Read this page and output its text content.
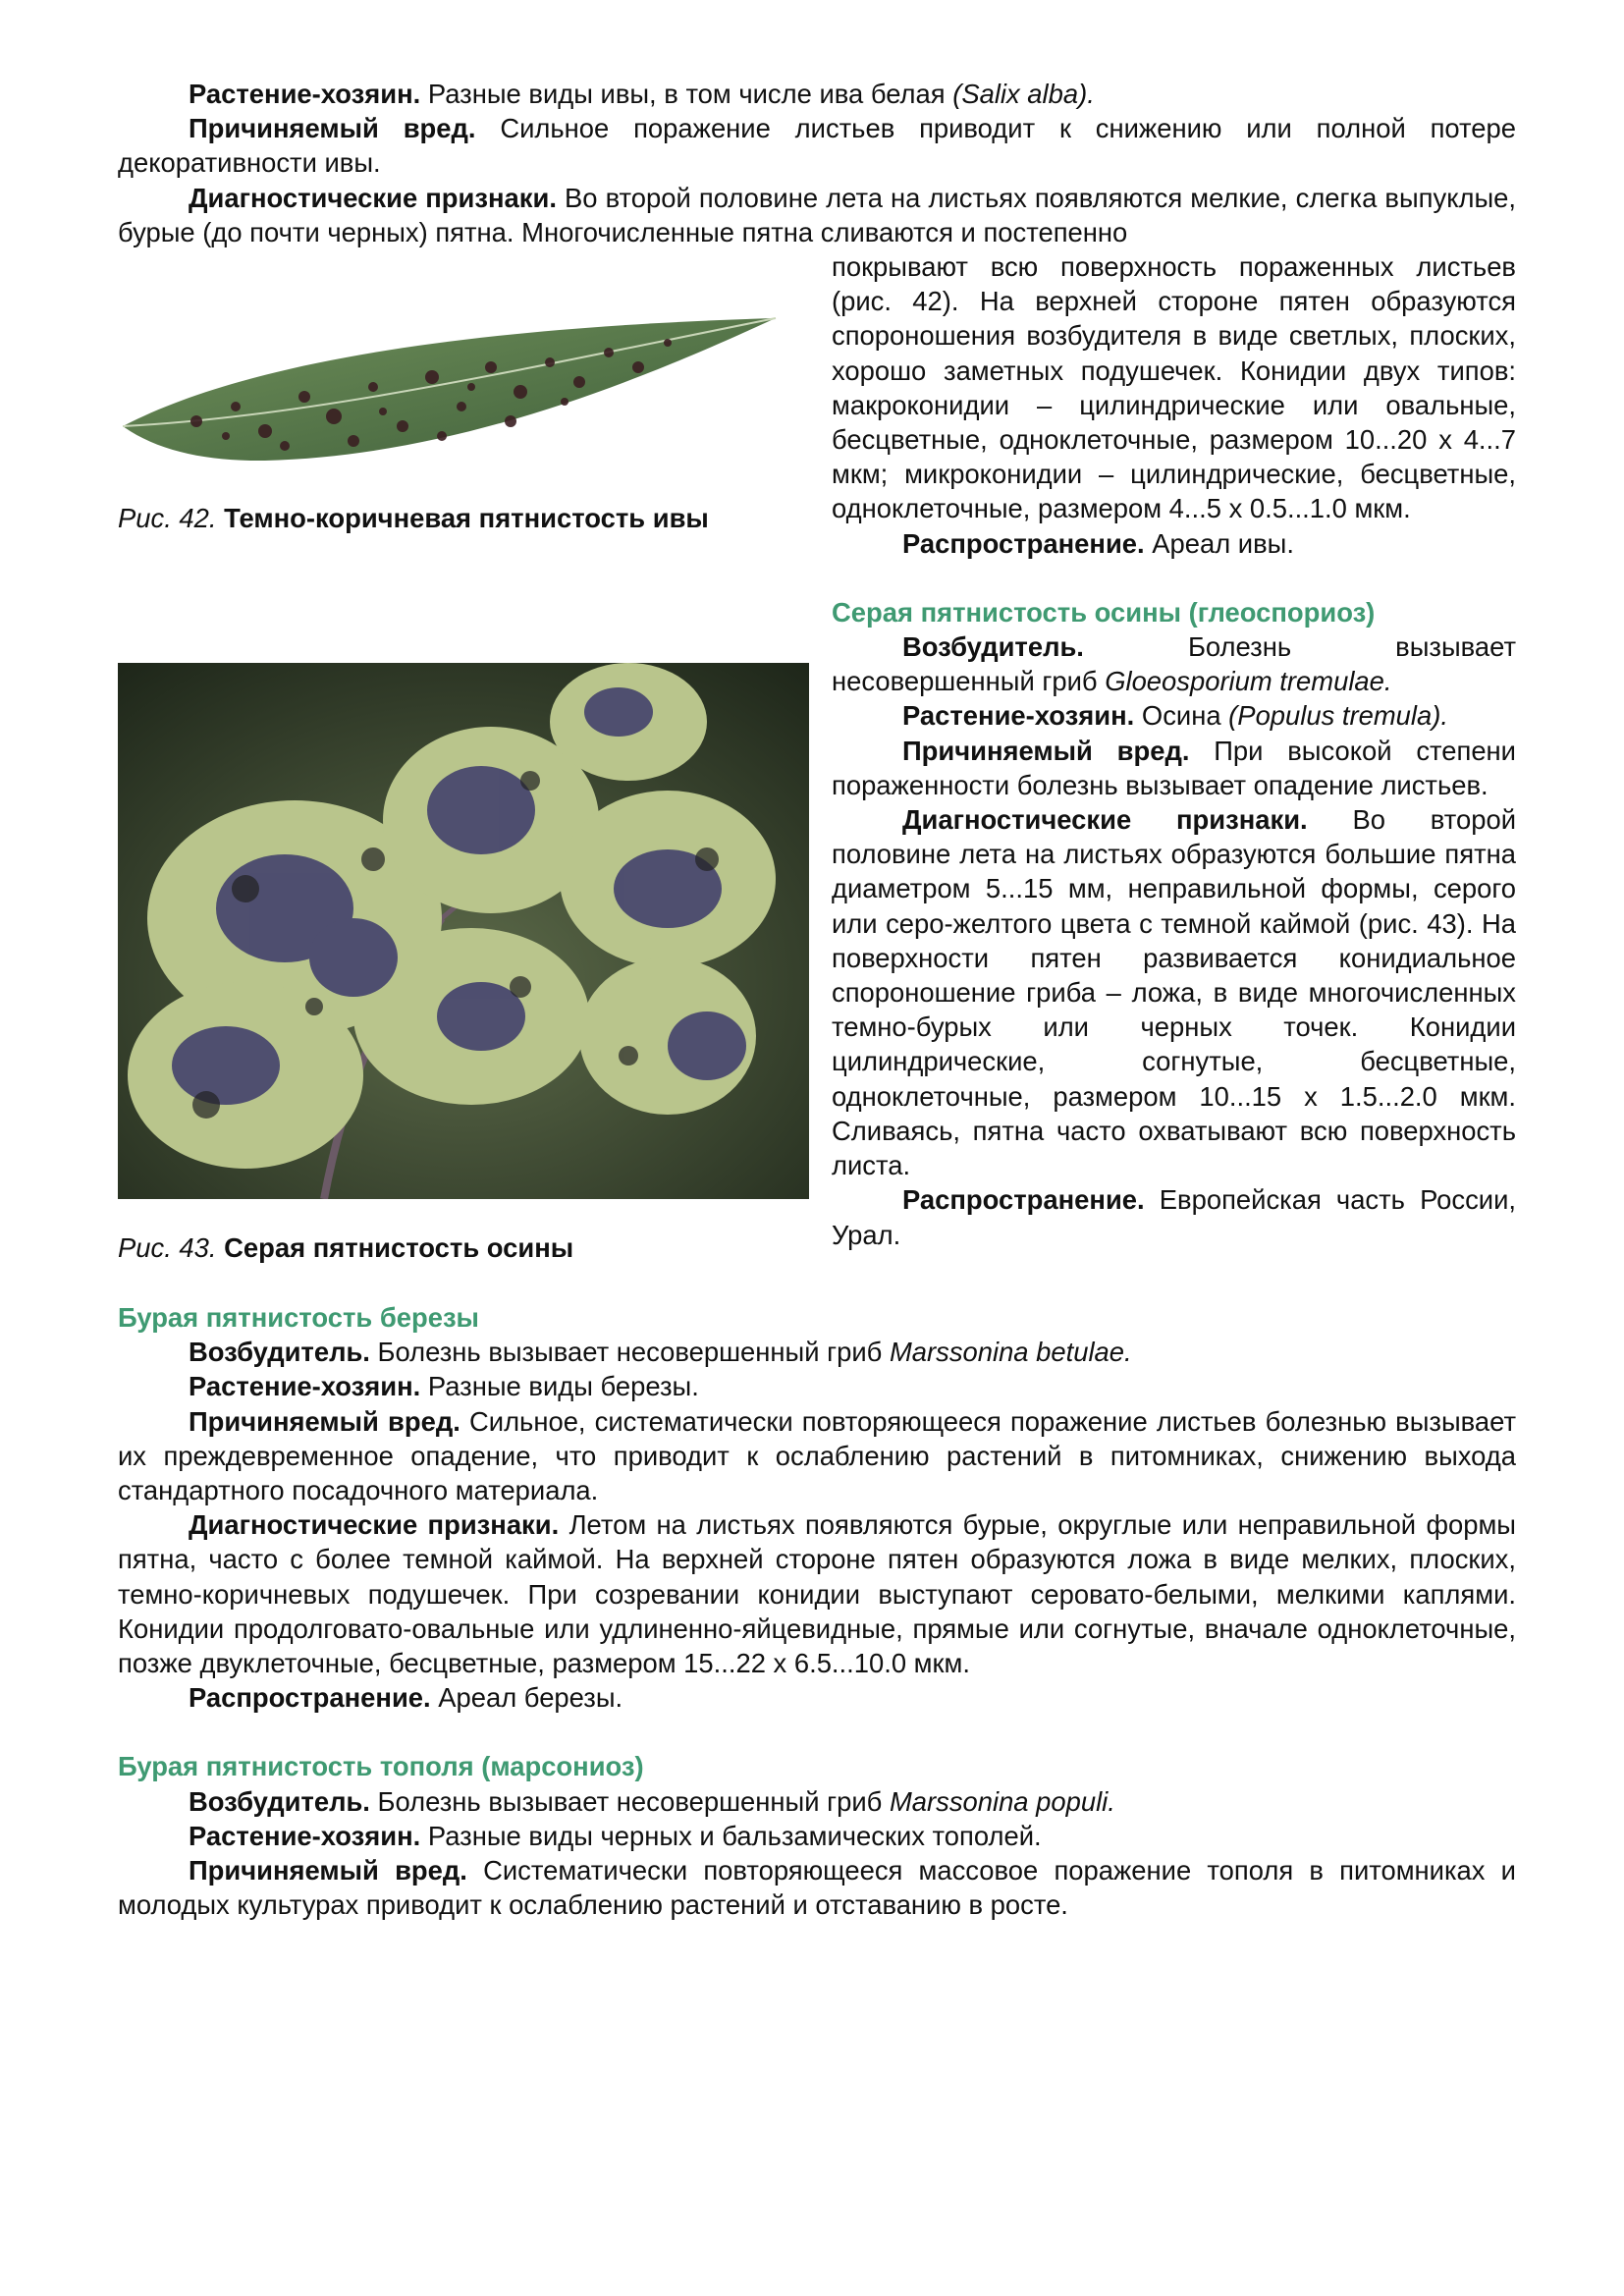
Растение-хозяин. Разные виды ивы, в том числе ива белая (Salix alba).

Причиняемый вред. Сильное поражение листьев приводит к снижению или полной потере декоративности ивы.

Диагностические признаки. Во второй половине лета на листьях появляются мелкие, слегка выпуклые, бурые (до почти черных) пятна. Многочисленные пятна сливаются и постепенно

Рис. 42. Темно-коричневая пятнистость ивы

Рис. 43. Серая пятнистость осины

покрывают всю поверхность пораженных листьев (рис. 42). На верхней стороне пятен образуются спороношения возбудителя в виде светлых, плоских, хорошо заметных подушечек. Конидии двух типов: макроконидии – цилиндрические или овальные, бесцветные, одноклеточные, размером 10...20 х 4...7 мкм; микроконидии – цилиндрические, бесцветные, одноклеточные, размером 4...5 х 0.5...1.0 мкм.

Распространение. Ареал ивы.

Серая пятнистость осины (глеоспориоз)

Возбудитель. Болезнь вызывает несовершенный гриб Gloeosporium tremulae.

Растение-хозяин. Осина (Populus tremula).

Причиняемый вред. При высокой степени пораженности болезнь вызывает опадение листьев.

Диагностические признаки. Во второй половине лета на листьях образуются большие пятна диаметром 5...15 мм, неправильной формы, серого или серо-желтого цвета с темной каймой (рис. 43). На поверхности пятен развивается конидиальное спороношение гриба – ложа, в виде многочисленных темно-бурых или черных точек. Конидии цилиндрические, согнутые, бесцветные, одноклеточные, размером 10...15 х 1.5...2.0 мкм. Сливаясь, пятна часто охватывают всю поверхность листа.

Распространение. Европейская часть России, Урал.

Бурая пятнистость березы

Возбудитель. Болезнь вызывает несовершенный гриб Marssonina betulae.

Растение-хозяин. Разные виды березы.

Причиняемый вред. Сильное, систематически повторяющееся поражение листьев болезнью вызывает их преждевременное опадение, что приводит к ослаблению растений в питомниках, снижению выхода стандартного посадочного материала.

Диагностические признаки. Летом на листьях появляются бурые, округлые или неправильной формы пятна, часто с более темной каймой. На верхней стороне пятен образуются ложа в виде мелких, плоских, темно-коричневых подушечек. При созревании конидии выступают серовато-белыми, мелкими каплями. Конидии продолговато-овальные или удлиненно-яйцевидные, прямые или согнутые, вначале одноклеточные, позже двуклеточные, бесцветные, размером 15...22 х 6.5...10.0 мкм.

Распространение. Ареал березы.

Бурая пятнистость тополя (марсониоз)

Возбудитель. Болезнь вызывает несовершенный гриб Marssonina populi.

Растение-хозяин. Разные виды черных и бальзамических тополей.

Причиняемый вред. Систематически повторяющееся массовое поражение тополя в питомниках и молодых культурах приводит к ослаблению растений и отставанию в росте.
